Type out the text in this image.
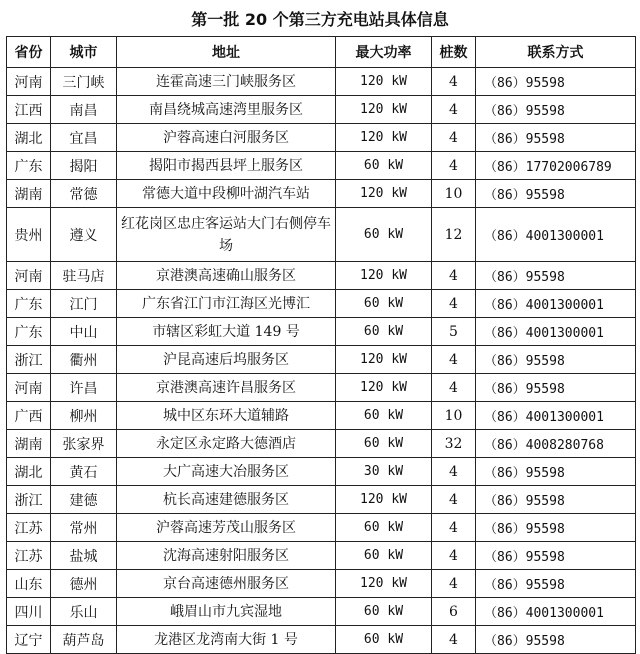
第一批 20 个第三方充电站具体信息
省份	城市	地址	最大功率	桩数	联系方式
河南	三门峡	连霍高速三门峡服务区	120 kW	4	（86）95598
江西	南昌	南昌绕城高速湾里服务区	120 kW	4	（86）95598
湖北	宜昌	沪蓉高速白河服务区	120 kW	4	（86）95598
广东	揭阳	揭阳市揭西县坪上服务区	60 kW	4	（86）17702006789
湖南	常德	常德大道中段柳叶湖汽车站	120 kW	10	（86）95598
贵州	遵义	红花岗区忠庄客运站大门右侧停车场	60 kW	12	（86）4001300001
河南	驻马店	京港澳高速确山服务区	120 kW	4	（86）95598
广东	江门	广东省江门市江海区光博汇	60 kW	4	（86）4001300001
广东	中山	市辖区彩虹大道 149 号	60 kW	5	（86）4001300001
浙江	衢州	沪昆高速后坞服务区	120 kW	4	（86）95598
河南	许昌	京港澳高速许昌服务区	120 kW	4	（86）95598
广西	柳州	城中区东环大道辅路	60 kW	10	（86）4001300001
湖南	张家界	永定区永定路大德酒店	60 kW	32	（86）4008280768
湖北	黄石	大广高速大冶服务区	30 kW	4	（86）95598
浙江	建德	杭长高速建德服务区	120 kW	4	（86）95598
江苏	常州	沪蓉高速芳茂山服务区	60 kW	4	（86）95598
江苏	盐城	沈海高速射阳服务区	60 kW	4	（86）95598
山东	德州	京台高速德州服务区	120 kW	4	（86）95598
四川	乐山	峨眉山市九宾湿地	60 kW	6	（86）4001300001
辽宁	葫芦岛	龙港区龙湾南大街 1 号	60 kW	4	（86）95598
